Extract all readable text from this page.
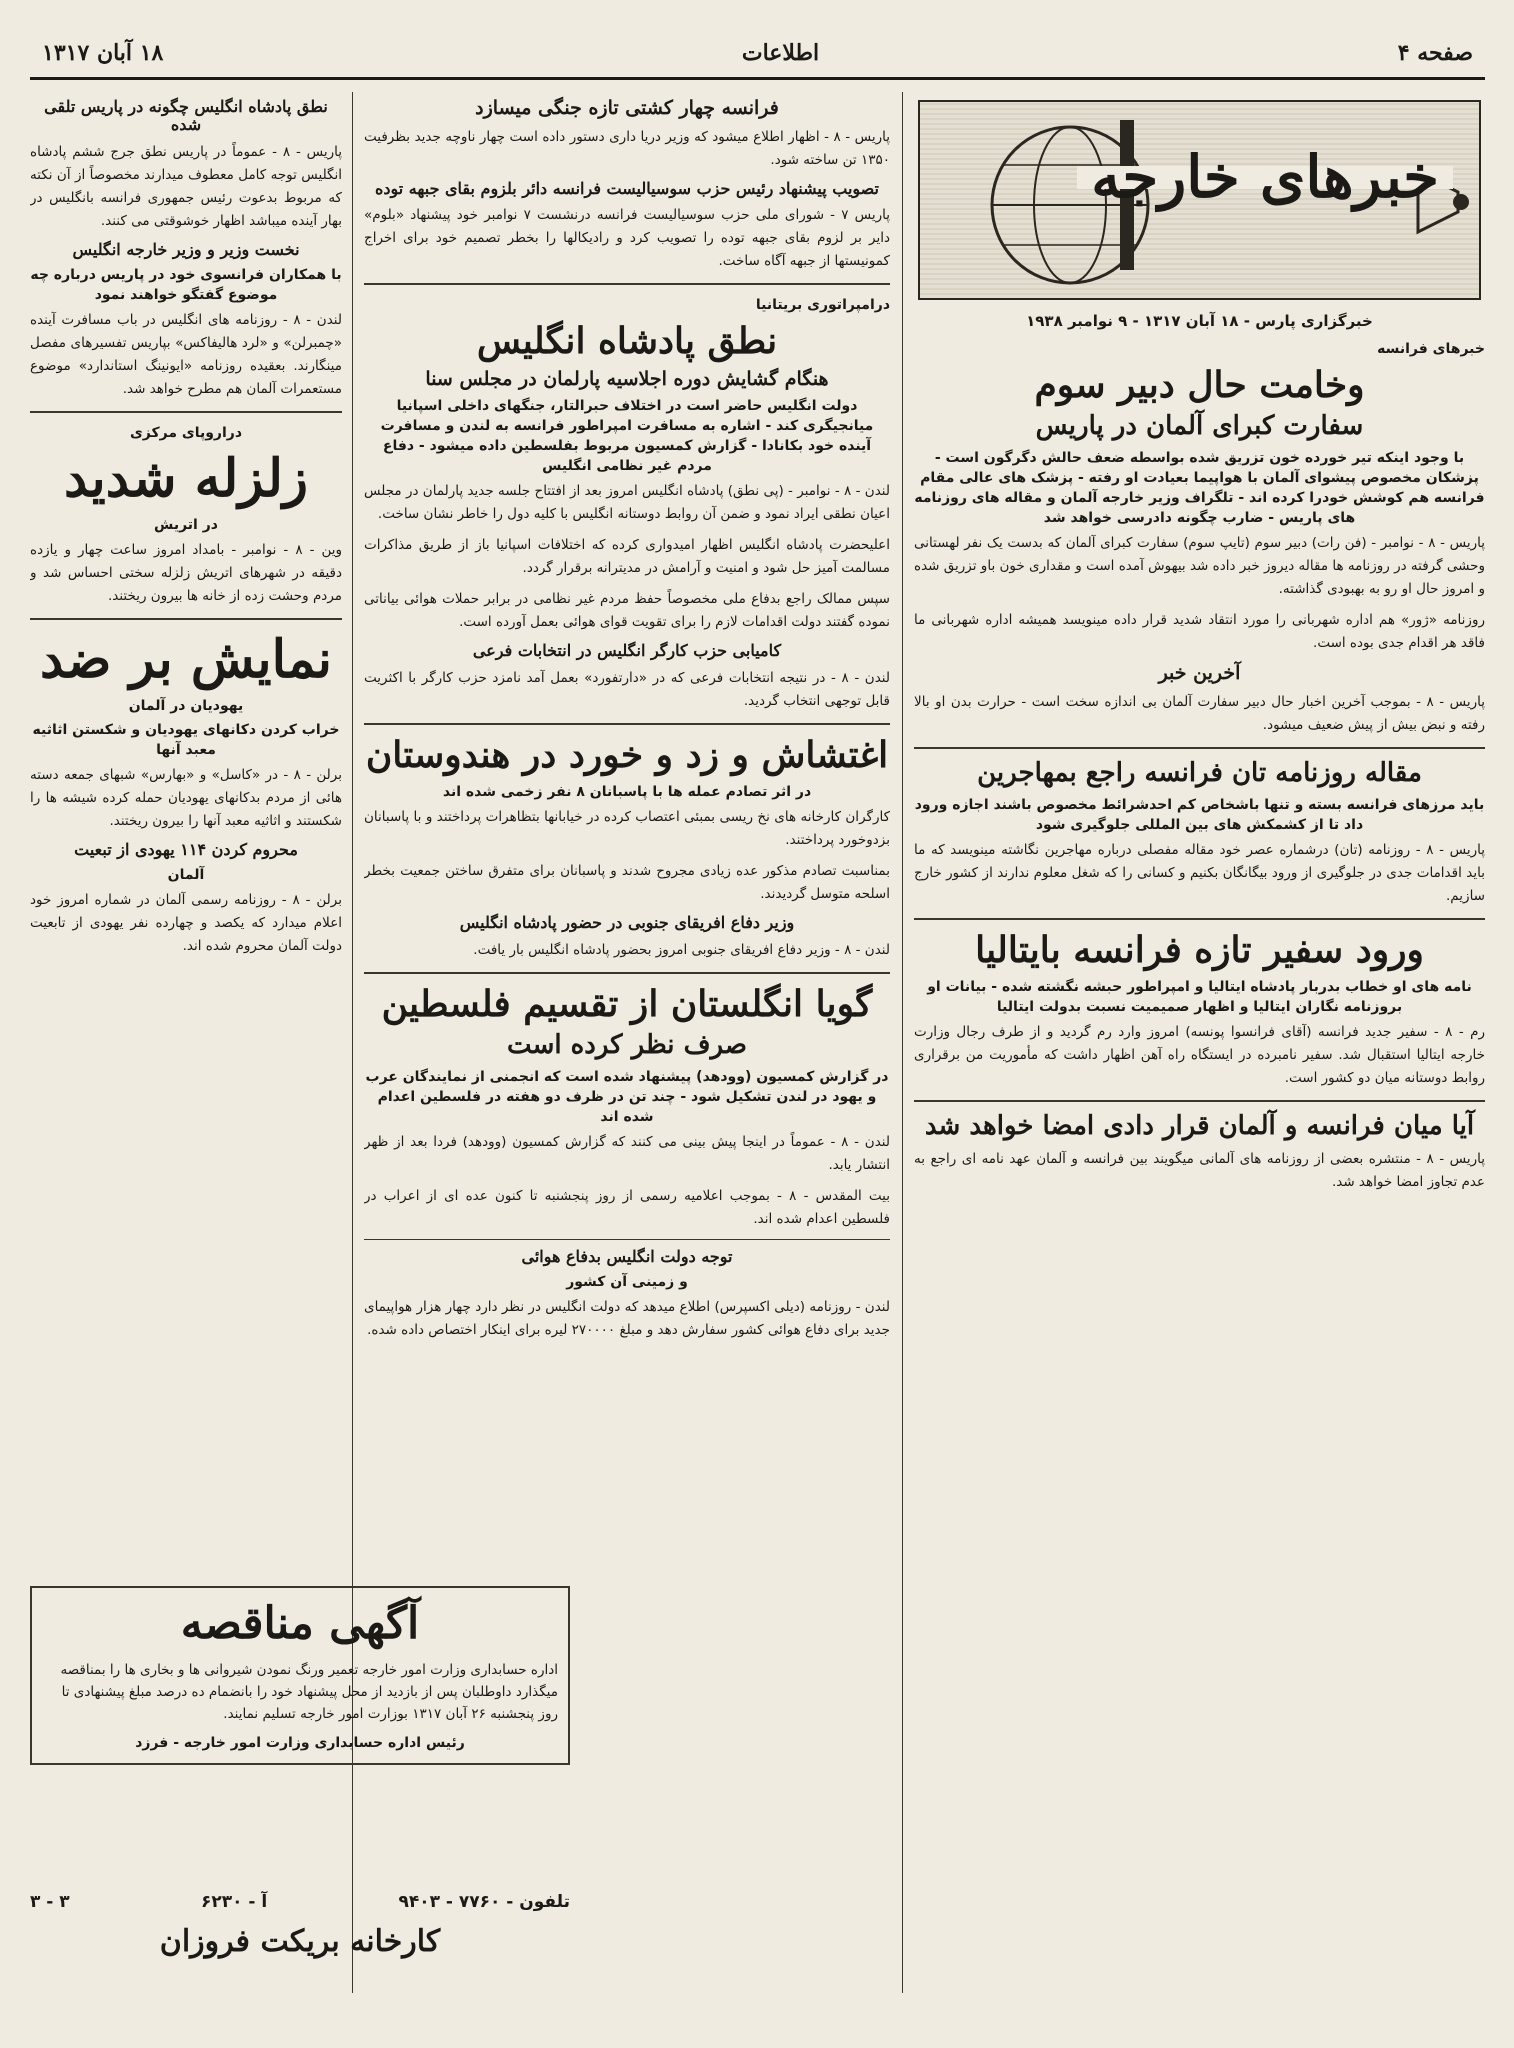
صفحه ۴
اطلاعات
۱۸ آبان ۱۳۱۷
خبرهای خارجه
خبرگزاری پارس - ۱۸ آبان ۱۳۱۷ - ۹ نوامبر ۱۹۳۸
خبرهای فرانسه
وخامت حال دبیر سوم
سفارت کبرای آلمان در پاریس
با وجود اینکه تیر خورده خون تزریق شده بواسطه ضعف حالش دگرگون است - پزشکان مخصوص پیشوای آلمان با هواپیما بعیادت او رفته - پزشک های عالی مقام فرانسه هم کوشش خودرا کرده اند - تلگراف وزیر خارجه آلمان و مقاله های روزنامه های پاریس - ضارب چگونه دادرسی خواهد شد
پاریس - ۸ - نوامبر - (فن رات) دبیر سوم (تایپ سوم) سفارت کبرای آلمان که بدست یک نفر لهستانی وحشی گرفته در روزنامه ها مقاله دیروز خبر داده شد بیهوش آمده است و مقداری خون باو تزریق شده و امروز حال او رو به بهبودی گذاشته.
روزنامه «ژور» هم اداره شهربانی را مورد انتقاد شدید قرار داده مینویسد همیشه اداره شهربانی ما فاقد هر اقدام جدی بوده است.
آخرین خبر
پاریس - ۸ - بموجب آخرین اخبار حال دبیر سفارت آلمان بی اندازه سخت است - حرارت بدن او بالا رفته و نبض بیش از پیش ضعیف میشود.
مقاله روزنامه تان فرانسه راجع بمهاجرین
باید مرزهای فرانسه بسته و تنها باشخاص کم احدشرائط مخصوص باشند اجازه ورود داد تا از کشمکش های بین المللی جلوگیری شود
پاریس - ۸ - روزنامه (تان) درشماره عصر خود مقاله مفصلی درباره مهاجرین نگاشته مینویسد که ما باید اقدامات جدی در جلوگیری از ورود بیگانگان بکنیم و کسانی را که شغل معلوم ندارند از کشور خارج سازیم.
ورود سفیر تازه فرانسه بایتالیا
نامه های او خطاب بدربار پادشاه ایتالیا و امپراطور حبشه نگشته شده - بیانات او بروزنامه نگاران ایتالیا و اظهار صمیمیت نسبت بدولت ایتالیا
رم - ۸ - سفیر جدید فرانسه (آقای فرانسوا پونسه) امروز وارد رم گردید و از طرف رجال وزارت خارجه ایتالیا استقبال شد. سفیر نامبرده در ایستگاه راه آهن اظهار داشت که مأموریت من برقراری روابط دوستانه میان دو کشور است.
آیا میان فرانسه و آلمان قرار دادی امضا خواهد شد
پاریس - ۸ - منتشره بعضی از روزنامه های آلمانی میگویند بین فرانسه و آلمان عهد نامه ای راجع به عدم تجاوز امضا خواهد شد.
فرانسه چهار کشتی تازه جنگی میسازد
پاریس - ۸ - اظهار اطلاع میشود که وزیر دریا داری دستور داده است چهار ناوچه جدید بظرفیت ۱۳۵۰ تن ساخته شود.
تصویب پیشنهاد رئیس حزب سوسیالیست فرانسه دائر بلزوم بقای جبهه توده
پاریس ۷ - شورای ملی حزب سوسیالیست فرانسه درنشست ۷ نوامبر خود پیشنهاد «بلوم» دایر بر لزوم بقای جبهه توده را تصویب کرد و رادیکالها را بخطر تصمیم خود برای اخراج کمونیستها از جبهه آگاه ساخت.
درامپراتوری بریتانیا
نطق پادشاه انگلیس
هنگام گشایش دوره اجلاسیه پارلمان در مجلس سنا
دولت انگلیس حاضر است در اختلاف حبرالتار، جنگهای داخلی اسپانیا میانجیگری کند - اشاره به مسافرت امپراطور فرانسه به لندن و مسافرت آینده خود بکانادا - گزارش کمسیون مربوط بفلسطین داده میشود - دفاع مردم غیر نظامی انگلیس
لندن - ۸ - نوامبر - (پی نطق) پادشاه انگلیس امروز بعد از افتتاح جلسه جدید پارلمان در مجلس اعیان نطقی ایراد نمود و ضمن آن روابط دوستانه انگلیس با کلیه دول را خاطر نشان ساخت.
اعلیحضرت پادشاه انگلیس اظهار امیدواری کرده که اختلافات اسپانیا باز از طریق مذاکرات مسالمت آمیز حل شود و امنیت و آرامش در مدیترانه برقرار گردد.
سپس ممالک راجع بدفاع ملی مخصوصاً حفظ مردم غیر نظامی در برابر حملات هوائی بیاناتی نموده گفتند دولت اقدامات لازم را برای تقویت قوای هوائی بعمل آورده است.
کامیابی حزب کارگر انگلیس در انتخابات فرعی
لندن - ۸ - در نتیجه انتخابات فرعی که در «دارتفورد» بعمل آمد نامزد حزب کارگر با اکثریت قابل توجهی انتخاب گردید.
اغتشاش و زد و خورد در هندوستان
در اثر تصادم عمله ها با پاسبانان ۸ نفر زخمی شده اند
کارگران کارخانه های نخ ریسی بمبئی اعتصاب کرده در خیابانها بتظاهرات پرداختند و با پاسبانان بزدوخورد پرداختند.
بمناسبت تصادم مذکور عده زیادی مجروح شدند و پاسبانان برای متفرق ساختن جمعیت بخطر اسلحه متوسل گردیدند.
وزیر دفاع افریقای جنوبی در حضور پادشاه انگلیس
لندن - ۸ - وزیر دفاع افریقای جنوبی امروز بحضور پادشاه انگلیس بار یافت.
گویا انگلستان از تقسیم فلسطین
صرف نظر کرده است
در گزارش کمسیون (وودهد) پیشنهاد شده است که انجمنی از نمایندگان عرب و یهود در لندن تشکیل شود - چند تن در ظرف دو هفته در فلسطین اعدام شده اند
لندن - ۸ - عموماً در اینجا پیش بینی می کنند که گزارش کمسیون (وودهد) فردا بعد از ظهر انتشار یابد.
بیت المقدس - ۸ - بموجب اعلامیه رسمی از روز پنجشنبه تا کنون عده ای از اعراب در فلسطین اعدام شده اند.
توجه دولت انگلیس بدفاع هوائی
و زمینی آن کشور
لندن - روزنامه (دیلی اکسپرس) اطلاع میدهد که دولت انگلیس در نظر دارد چهار هزار هواپیمای جدید برای دفاع هوائی کشور سفارش دهد و مبلغ ۲۷۰۰۰۰ لیره برای اینکار اختصاص داده شده.
نطق پادشاه انگلیس چگونه در پاریس تلقی شده
پاریس - ۸ - عموماً در پاریس نطق جرج ششم پادشاه انگلیس توجه کامل معطوف میدارند مخصوصاً از آن نکته که مربوط بدعوت رئیس جمهوری فرانسه بانگلیس در بهار آینده میباشد اظهار خوشوقتی می کنند.
نخست وزیر و وزیر خارجه انگلیس
با همکاران فرانسوی خود در پاریس درباره چه موضوع گفتگو خواهند نمود
لندن - ۸ - روزنامه های انگلیس در باب مسافرت آینده «چمبرلن» و «لرد هالیفاکس» بپاریس تفسیرهای مفصل مینگارند. بعقیده روزنامه «ایونینگ استاندارد» موضوع مستعمرات آلمان هم مطرح خواهد شد.
دراروپای مرکزی
زلزله شدید
در اتریش
وین - ۸ - نوامبر - بامداد امروز ساعت چهار و یازده دقیقه در شهرهای اتریش زلزله سختی احساس شد و مردم وحشت زده از خانه ها بیرون ریختند.
نمایش بر ضد
یهودیان در آلمان
خراب کردن دکانهای یهودیان و شکستن اثاثیه معبد آنها
برلن - ۸ - در «کاسل» و «بهارس» شبهای جمعه دسته هائی از مردم بدکانهای یهودیان حمله کرده شیشه ها را شکستند و اثاثیه معبد آنها را بیرون ریختند.
محروم کردن ۱۱۴ یهودی از تبعیت
آلمان
برلن - ۸ - روزنامه رسمی آلمان در شماره امروز خود اعلام میدارد که یکصد و چهارده نفر یهودی از تابعیت دولت آلمان محروم شده اند.
آگهی مناقصه
اداره حسابداری وزارت امور خارجه تعمیر ورنگ نمودن شیروانی ها و بخاری ها را بمناقصه میگذارد داوطلبان پس از بازدید از محل پیشنهاد خود را بانضمام ده درصد مبلغ پیشنهادی تا روز پنجشنبه ۲۶ آبان ۱۳۱۷ بوزارت امور خارجه تسلیم نمایند.
رئیس اداره حسابداری وزارت امور خارجه - فرزد
تلفون - ۷۷۶۰ - ۹۴۰۳
آ - ۶۲۳۰
۳ - ۳
کارخانه بریکت فروزان
